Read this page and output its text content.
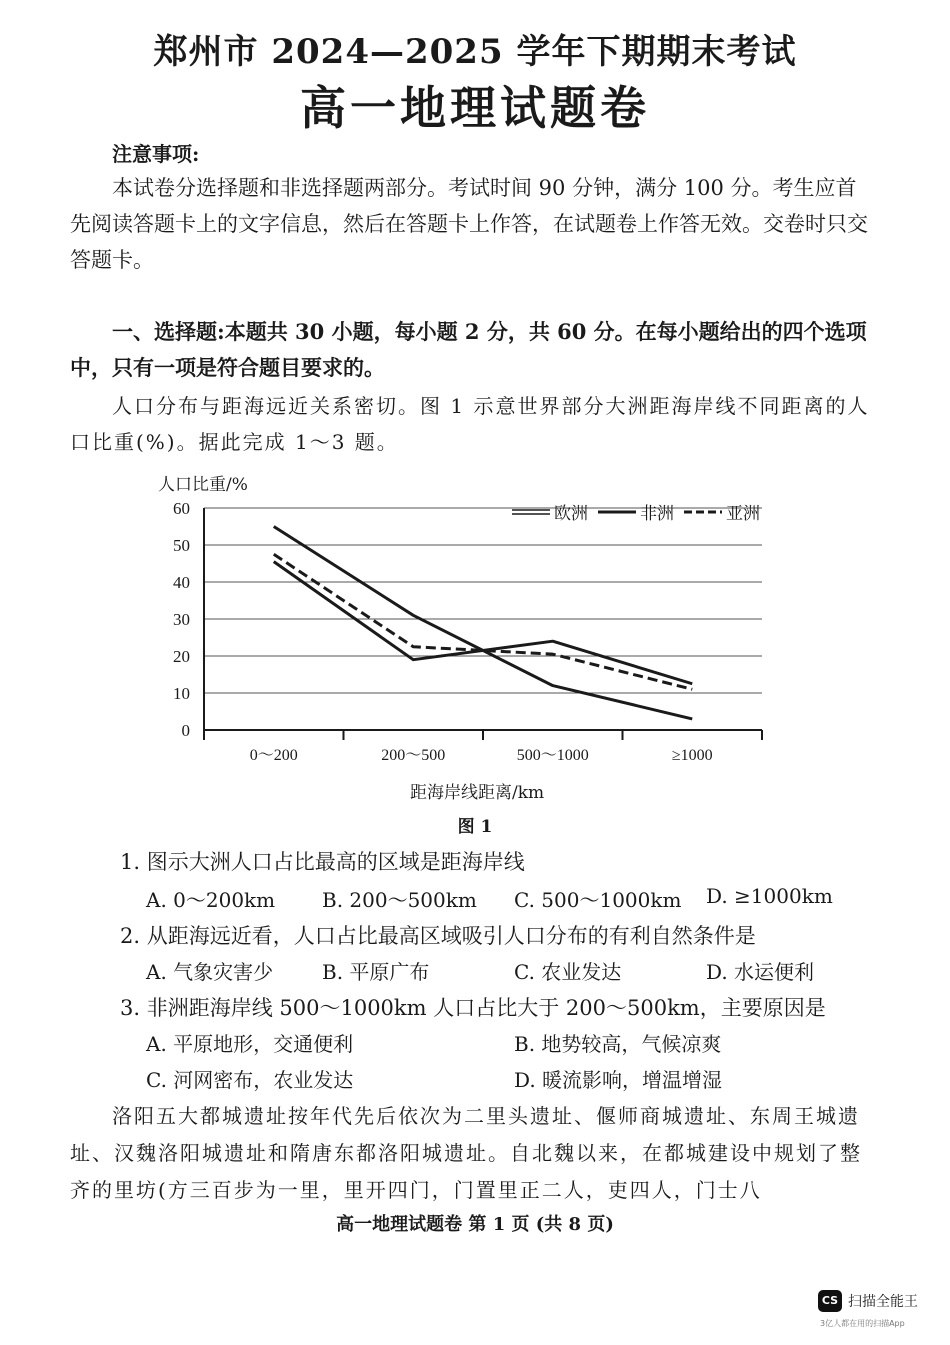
郑州市 2024—2025 学年下期期末考试
高一地理试题卷
注意事项:

本试卷分选择题和非选择题两部分。考试时间 90 分钟，满分 100 分。考生应首先阅读答题卡上的文字信息，然后在答题卡上作答，在试题卷上作答无效。交卷时只交答题卡。

一、选择题:本题共 30 小题，每小题 2 分，共 60 分。在每小题给出的四个选项中，只有一项是符合题目要求的。

人口分布与距海远近关系密切。图 1 示意世界部分大洲距海岸线不同距离的人口比重(%)。据此完成 1～3 题。

0
10
20
30
40
50
60
0～200	200～500	500～1000	≥1000
欧洲	非洲	亚洲
人口比重/%
距海岸线距离/km
图 1
1. 图示大洲人口占比最高的区域是距海岸线
A. 0～200km B. 200～500km C. 500～1000km D. ≥1000km
2. 从距海远近看，人口占比最高区域吸引人口分布的有利自然条件是
A. 气象灾害少 B. 平原广布	C. 农业发达	D. 水运便利
3. 非洲距海岸线 500～1000km 人口占比大于 200～500km，主要原因是
A. 平原地形，交通便利	B. 地势较高，气候凉爽
C. 河网密布，农业发达	D. 暖流影响，增温增湿

洛阳五大都城遗址按年代先后依次为二里头遗址、偃师商城遗址、东周王城遗址、汉魏洛阳城遗址和隋唐东都洛阳城遗址。自北魏以来，在都城建设中规划了整齐的里坊(方三百步为一里，里开四门，门置里正二人，吏四人，门士八

高一地理试题卷 第 1 页 (共 8 页)
CS 扫描全能王
3亿人都在用的扫描App
